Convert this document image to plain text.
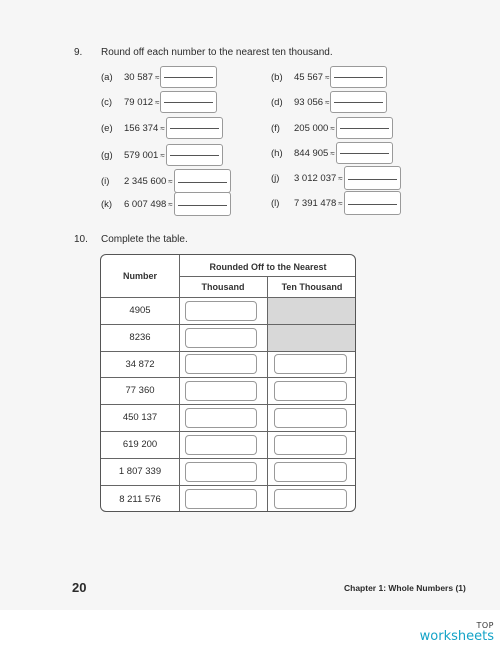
9. Round off each number to the nearest ten thousand.
(a)	30 587 ≈
(c)	79 012 ≈
(e)	156 374 ≈
(g)	579 001 ≈
(i)	2 345 600 ≈
(k)	6 007 498 ≈
(b)	45 567 ≈
(d)	93 056 ≈
(f)	205 000 ≈
(h)	844 905 ≈
(j)	3 012 037 ≈
(l)	7 391 478 ≈
10. Complete the table.
Number
Rounded Off to the Nearest
Thousand	Ten Thousand
4905
8236
34 872
77 360
450 137
619 200
1 807 339
8 211 576
20	Chapter 1: Whole Numbers (1)
TOP
worksheets
